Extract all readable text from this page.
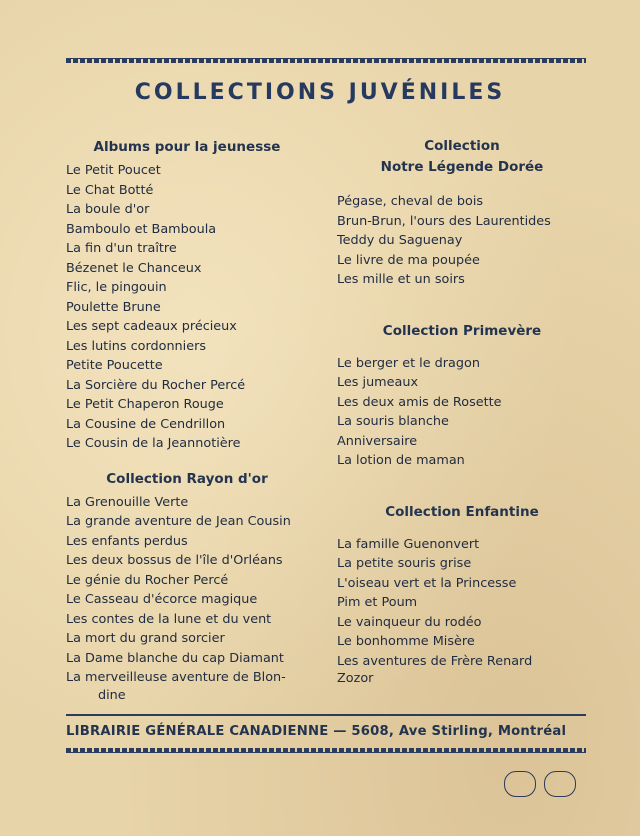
COLLECTIONS JUVÉNILES
Albums pour la jeunesse
Le Petit Poucet
Le Chat Botté
La boule d'or
Bamboulo et Bamboula
La fin d'un traître
Bézenet le Chanceux
Flic, le pingouin
Poulette Brune
Les sept cadeaux précieux
Les lutins cordonniers
Petite Poucette
La Sorcière du Rocher Percé
Le Petit Chaperon Rouge
La Cousine de Cendrillon
Le Cousin de la Jeannotière
Collection Rayon d'or
La Grenouille Verte
La grande aventure de Jean Cousin
Les enfants perdus
Les deux bossus de l'île d'Orléans
Le génie du Rocher Percé
Le Casseau d'écorce magique
Les contes de la lune et du vent
La mort du grand sorcier
La Dame blanche du cap Diamant
La merveilleuse aventure de Blon-
dine
Collection
Notre Légende Dorée
Pégase, cheval de bois
Brun-Brun, l'ours des Laurentides
Teddy du Saguenay
Le livre de ma poupée
Les mille et un soirs
Collection Primevère
Le berger et le dragon
Les jumeaux
Les deux amis de Rosette
La souris blanche
Anniversaire
La lotion de maman
Collection Enfantine
La famille Guenonvert
La petite souris grise
L'oiseau vert et la Princesse
Pim et Poum
Le vainqueur du rodéo
Le bonhomme Misère
Les aventures de Frère Renard
Zozor
LIBRAIRIE GÉNÉRALE CANADIENNE — 5608, Ave Stirling, Montréal
